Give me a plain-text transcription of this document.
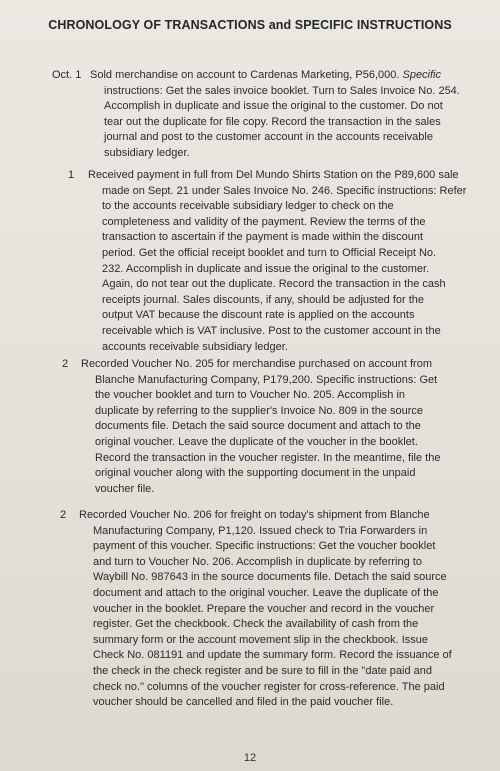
CHRONOLOGY OF TRANSACTIONS and SPECIFIC INSTRUCTIONS
Oct. 1 Sold merchandise on account to Cardenas Marketing, P56,000. Specific
instructions: Get the sales invoice booklet. Turn to Sales Invoice No. 254.
Accomplish in duplicate and issue the original to the customer. Do not
tear out the duplicate for file copy. Record the transaction in the sales
journal and post to the customer account in the accounts receivable
subsidiary ledger.
1	Received payment in full from Del Mundo Shirts Station on the P89,600 sale
made on Sept. 21 under Sales Invoice No. 246. Specific instructions: Refer
to the accounts receivable subsidiary ledger to check on the
completeness and validity of the payment. Review the terms of the
transaction to ascertain if the payment is made within the discount
period. Get the official receipt booklet and turn to Official Receipt No.
232. Accomplish in duplicate and issue the original to the customer.
Again, do not tear out the duplicate. Record the transaction in the cash
receipts journal. Sales discounts, if any, should be adjusted for the
output VAT because the discount rate is applied on the accounts
receivable which is VAT inclusive. Post to the customer account in the
accounts receivable subsidiary ledger.
2	Recorded Voucher No. 205 for merchandise purchased on account from
Blanche Manufacturing Company, P179,200. Specific instructions: Get
the voucher booklet and turn to Voucher No. 205. Accomplish in
duplicate by referring to the supplier's Invoice No. 809 in the source
documents file. Detach the said source document and attach to the
original voucher. Leave the duplicate of the voucher in the booklet.
Record the transaction in the voucher register. In the meantime, file the
original voucher along with the supporting document in the unpaid
voucher file.
2	Recorded Voucher No. 206 for freight on today's shipment from Blanche
Manufacturing Company, P1,120. Issued check to Tria Forwarders in
payment of this voucher. Specific instructions: Get the voucher booklet
and turn to Voucher No. 206. Accomplish in duplicate by referring to
Waybill No. 987643 in the source documents file. Detach the said source
document and attach to the original voucher. Leave the duplicate of the
voucher in the booklet. Prepare the voucher and record in the voucher
register. Get the checkbook. Check the availability of cash from the
summary form or the account movement slip in the checkbook. Issue
Check No. 081191 and update the summary form. Record the issuance of
the check in the check register and be sure to fill in the "date paid and
check no." columns of the voucher register for cross-reference. The paid
voucher should be cancelled and filed in the paid voucher file.
12
